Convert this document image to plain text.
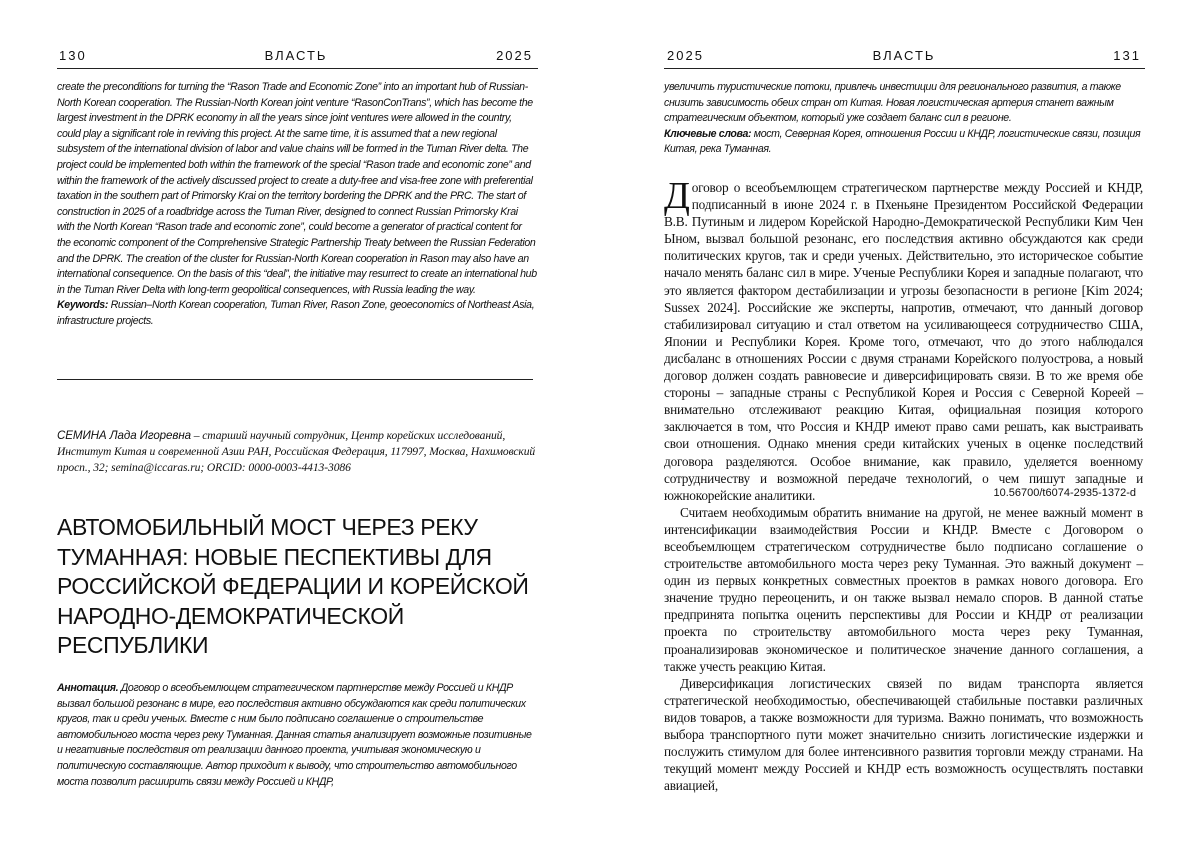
130	ВЛАСТЬ	2025

create the preconditions for turning the “Rason Trade and Economic Zone” into an important hub of Russian-North Korean cooperation. The Russian-North Korean joint venture “RasonConTrans”, which has become the largest investment in the DPRK economy in all the years since joint ventures were allowed in the country, could play a significant role in reviving this project. At the same time, it is assumed that a new regional subsystem of the international division of labor and value chains will be formed in the Tuman River delta. The project could be implemented both within the framework of the special “Rason trade and economic zone” and within the framework of the actively discussed project to create a duty-free and visa-free zone with preferential taxation in the southern part of Primorsky Krai on the territory bordering the DPRK and the PRC. The start of construction in 2025 of a roadbridge across the Tuman River, designed to connect Russian Primorsky Krai with the North Korean “Rason trade and economic zone”, could become a generator of practical content for the economic component of the Comprehensive Strategic Partnership Treaty between the Russian Federation and the DPRK. The creation of the cluster for Russian-North Korean cooperation in Rason may also have an international consequence. On the basis of this “deal”, the initiative may resurrect to create an international hub in the Tuman River Delta with long-term geopolitical consequences, with Russia leading the way.

Keywords: Russian–North Korean cooperation, Tuman River, Rason Zone, geoeconomics of Northeast Asia, infrastructure projects.

СЕМИНА Лада Игоревна – старший научный сотрудник, Центр корейских исследований, Институт Китая и современной Азии РАН, Российская Федерация, 117997, Москва, Нахимовский просп., 32; semina@iccaras.ru; ORCID: 0000-0003-4413-3086
10.56700/t6074-2935-1372-d
АВТОМОБИЛЬНЫЙ МОСТ ЧЕРЕЗ РЕКУ ТУМАННАЯ: НОВЫЕ ПЕCПЕКТИВЫ ДЛЯ РОССИЙСКОЙ ФЕДЕРАЦИИ И КОРЕЙСКОЙ НАРОДНО-ДЕМОКРАТИЧЕСКОЙ РЕСПУБЛИКИ

Аннотация. Договор о всеобъемлющем стратегическом партнерстве между Россией и КНДР вызвал большой резонанс в мире, его последствия активно обсуждаются как среди политических кругов, так и среди ученых. Вместе с ним было подписано соглашение о строительстве автомобильного моста через реку Туманная. Данная статья анализирует возможные позитивные и негативные последствия от реализации данного проекта, учитывая экономическую и политическую составляющие. Автор приходит к выводу, что строительство автомобильного моста позволит расширить связи между Россией и КНДР,

2025	ВЛАСТЬ	131

увеличить туристические потоки, привлечь инвестиции для регионального развития, а также снизить зависимость обеих стран от Китая. Новая логистическая артерия станет важным стратегическим объектом, который уже создает баланс сил в регионе.

Ключевые слова: мост, Северная Корея, отношения России и КНДР, логистические связи, позиция Китая, река Туманная.

Договор о всеобъемлющем стратегическом партнерстве между Россией и КНДР, подписанный в июне 2024 г. в Пхеньяне Президентом Российской Федерации В.В. Путиным и лидером Корейской Народно-Демократической Республики Ким Чен Ыном, вызвал большой резонанс, его последствия активно обсуждаются как среди политических кругов, так и среди ученых. Действительно, это историческое событие начало менять баланс сил в мире. Ученые Республики Корея и западные полагают, что это является фактором дестабилизации и угрозы безопасности в регионе [Kim 2024; Sussex 2024]. Российские же эксперты, напротив, отмечают, что данный договор стабилизировал ситуацию и стал ответом на усиливающееся сотрудничество США, Японии и Республики Корея. Кроме того, отмечают, что до этого наблюдался дисбаланс в отношениях России с двумя странами Корейского полуострова, а новый договор должен создать равновесие и диверсифицировать связи. В то же время обе стороны – западные страны с Республикой Корея и Россия с Северной Кореей – внимательно отслеживают реакцию Китая, официальная позиция которого заключается в том, что Россия и КНДР имеют право сами решать, как выстраивать свои отношения. Однако мнения среди китайских ученых в оценке последствий договора разделяются. Особое внимание, как правило, уделяется военному сотрудничеству и возможной передаче технологий, о чем пишут западные и южнокорейские аналитики.

Считаем необходимым обратить внимание на другой, не менее важный момент в интенсификации взаимодействия России и КНДР. Вместе с Договором о всеобъемлющем стратегическом сотрудничестве было подписано соглашение о строительстве автомобильного моста через реку Туманная. Это важный документ – один из первых конкретных совместных проектов в рамках нового договора. Его значение трудно переоценить, и он также вызвал немало споров. В данной статье предпринята попытка оценить перспективы для России и КНДР от реализации проекта по строительству автомобильного моста через реку Туманная, проанализировав экономическое и политическое значение данного соглашения, а также учесть реакцию Китая.

Диверсификация логистических связей по видам транспорта является стратегической необходимостью, обеспечивающей стабильные поставки различных видов товаров, а также возможности для туризма. Важно понимать, что возможность выбора транспортного пути может значительно снизить логистические издержки и послужить стимулом для более интенсивного развития торговли между странами. На текущий момент между Россией и КНДР есть возможность осуществлять поставки авиацией,
